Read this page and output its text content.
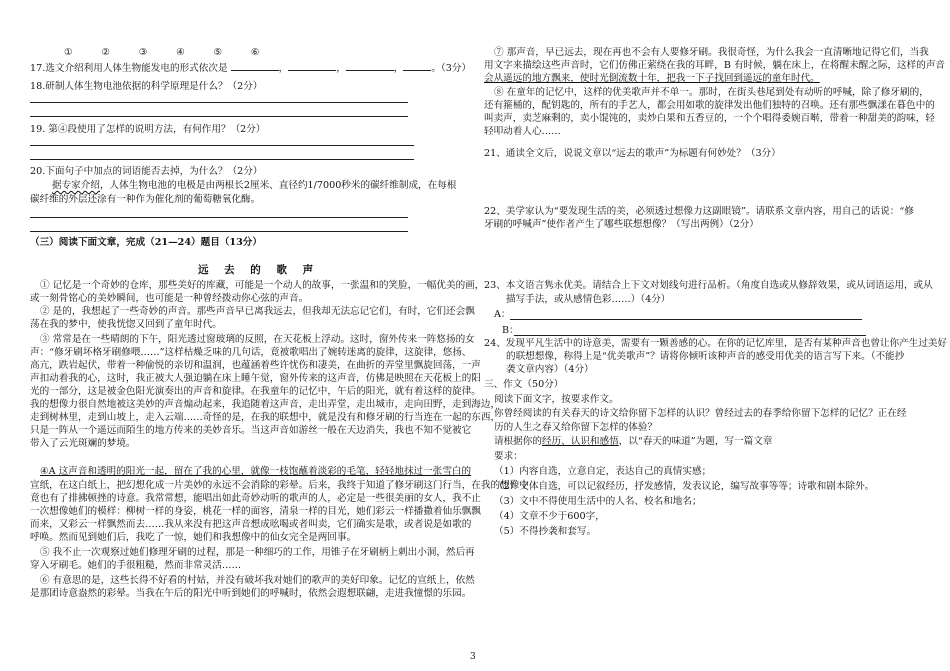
①　　　②　　　③　　　④　　　⑤　　　⑥
17.选文介绍利用人体生物能发电的形式依次是	，	，	，	。（3分）
18.研制人体生物电池依据的科学原理是什么？（2分）
19. 第④段使用了怎样的说明方法，有何作用？（2分）
20.下面句子中加点的词语能否去掉，为什么？（2分）
据专家介绍，人体生物电池的电极是由两根长2厘米、直径约1/7000秒米的碳纤维制成，在每根
碳纤维的外层还涂有一种作为催化剂的葡萄糖氧化酶。
（三）阅读下面文章，完成（21—24）题目（13分）
远 去 的 歌 声
① 记忆是一个奇妙的仓库，那些美好的库藏，可能是一个动人的故事，一张温和的笑脸，一幅优美的画，
或一刻骨铭心的美妙瞬间，也可能是一种曾经拨动你心弦的声音。
② 是的，我想起了一些奇妙的声音。那些声音早已离我远去，但我却无法忘记它们，有时，它们还会飘
荡在我的梦中，使我恍惚又回到了童年时代。
③ 常常是在一些晴朗的下午，阳光透过窗玻璃的反照，在天花板上浮动。这时，窗外传来一阵悠扬的女
声：“修牙刷坏格牙刷修喂……”这样枯燥乏味的几句话，竟被歌唱出了婉转迷离的旋律，这旋律，悠扬、
高亢，跌岩起伏，带着一种偷悦的亲切和温润，也蕴涵着些许忧伤和凄美，在曲折的弄堂里飘旋回荡，一声
声扣动着我的心，这时，我正被大人强迫躺在床上睡午觉，窗外传来的这声音，仿佛是映照在天花板上的阳
光的一部分，这是被金色阳光演奏出的声音和旋律。在我童年的记忆中，午后的阳光，就有着这样的旋律。
我的想像力很自然地被这美妙的声音煽动起来，我追随着这声音，走出弄堂，走出城市，走向田野，走到海边，
走到树林里，走到山坡上，走入云端……奇怪的是，在我的联想中，就是没有和修牙刷的行当连在一起的东西，
只是一阵从一个遥远而陌生的地方传来的美妙音乐。当这声音如游丝一般在天边消失，我也不知不觉被它
带入了云光斑斓的梦境。
④A 这声音和透明的阳光一起，留在了我的心里，就像一枝饱蘸着淡彩的毛笔，轻轻地抹过一张雪白的
宣纸，在这白纸上，把幻想化成一片美妙的永远不会消除的彩晕。后来，我终于知道了修牙刷这门行当，在我的想像中
竟也有了排拂顿挫的诗意。我常常想，能唱出如此奇妙动听的歌声的人，必定是一些很美丽的女人，我不止
一次想像她们的模样：柳树一样的身姿，桃花一样的面容，清泉一样的目光，她们彩云一样播撒着仙乐飘飘
而来，又彩云一样飘然而去……我从来没有把这声音想成吆喝或者叫卖，它们确实是歌，或者说是如歌的
呼唤。然而见到她们后，我吃了一惊，她们和我想像中的仙女完全是两回事。
⑤ 我不止一次观察过她们修理牙刷的过程，那是一种细巧的工作，用锥子在牙刷柄上刺出小洞，然后再
穿入牙刷毛。她们的手很粗糙，然而非常灵活……
⑥ 有意思的是，这些长得不好看的村姑，并没有破坏我对她们的歌声的美好印象。记忆的宣纸上，依然
是那团诗意盎然的彩晕。当我在午后的阳光中听到她们的呼喊时，依然会遐想联翩，走进我憧憬的乐园。
⑦ 那声音，早已远去，现在再也不会有人要修牙刷。我很奇怪，为什么我会一直清晰地记得它们，当我
用文字来描绘这些声音时，它们仿佛正萦绕在我的耳畔，B 有时候，躺在床上，在将醒未醒之际，这样的声音
会从遥远的地方飘来，使时光倒流数十年，把我一下子找回到遥远的童年时代。
⑧ 在童年的记忆中，这样的优美歌声并不单一。那时，在街头巷尾到处有动听的呼喊，除了修牙刷的，
还有箍桶的，配钥匙的，所有的手艺人，都会用如歌的旋律发出他们独特的召唤。还有那些飘漾在暮色中的
叫卖声，卖芝麻剩的，卖小馄饨的，卖炒白果和五香豆的，一个个唱得委婉百啭，带着一种甜美的韵味，轻
轻叩动着人心……
21、通读全文后，说说文章以“远去的歌声”为标题有何妙处？（3分）
22、美学家认为“要发现生活的美，必须透过想像力这副眼镜”。请联系文章内容，用自己的话说：“修
牙刷的呼喊声”使作者产生了哪些联想想像？（写出两例）（2分）
23、本文语言隽永优美。请结合上下文对划线句进行品析。（角度自选或从修辞效果，或从词语运用，或从
描写手法，或从感情色彩……）（4分）
A：
B：
24、发现平凡生活中的诗意美，需要有一颗善感的心。在你的记忆库里，是否有某种声音也曾让你产生过美好
的联想想像，称得上是“优美歌声”？请将你倾听该种声音的感受用优美的语言写下来。（不能抄
袭文章内容）（4分）
三、作文（50分）
阅读下面文字，按要求作文。
你曾经阅读的有关春天的诗文给你留下怎样的认识？曾经过去的春季给你留下怎样的记忆？正在经
历的人生之春又给你留下怎样的体验？
请根据你的经历、认识和感悟，以“春天的味道”为题，写一篇文章
要求：
（1）内容自选，立意自定，表达自己的真情实感；
（2）文体自选，可以记叙经历，抒发感情，发表议论，编写故事等等；诗歌和剧本除外。
（3）文中不得使用生活中的人名、校名和地名；
（4）文章不少于600字，
（5）不得抄袭和套写。
3
